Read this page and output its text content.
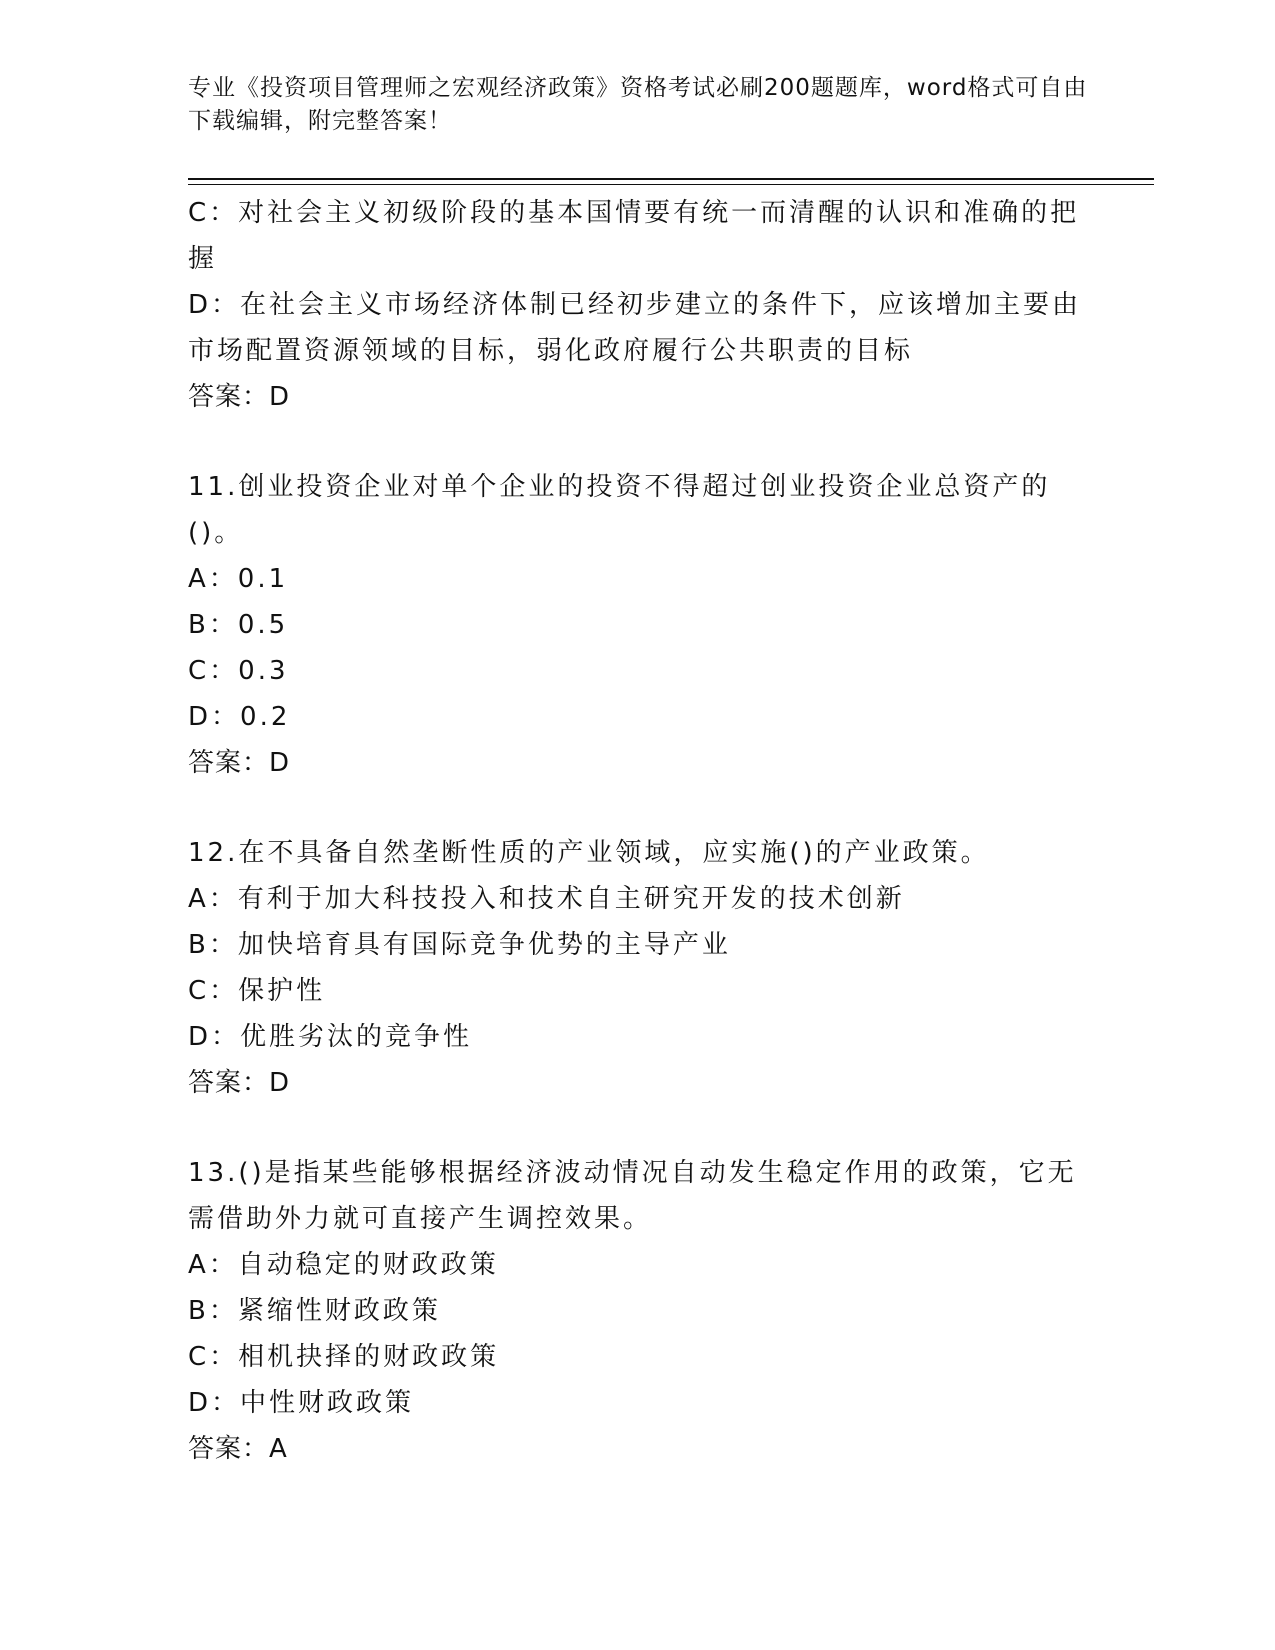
专业《投资项目管理师之宏观经济政策》资格考试必刷200题题库，word格式可自由下载编辑，附完整答案！
C：对社会主义初级阶段的基本国情要有统一而清醒的认识和准确的把握
D：在社会主义市场经济体制已经初步建立的条件下，应该增加主要由市场配置资源领域的目标，弱化政府履行公共职责的目标
答案：D
11.创业投资企业对单个企业的投资不得超过创业投资企业总资产的()。
A：0.1
B：0.5
C：0.3
D：0.2
答案：D
12.在不具备自然垄断性质的产业领域，应实施()的产业政策。
A：有利于加大科技投入和技术自主研究开发的技术创新
B：加快培育具有国际竞争优势的主导产业
C：保护性
D：优胜劣汰的竞争性
答案：D
13.()是指某些能够根据经济波动情况自动发生稳定作用的政策，它无需借助外力就可直接产生调控效果。
A：自动稳定的财政政策
B：紧缩性财政政策
C：相机抉择的财政政策
D：中性财政政策
答案：A
